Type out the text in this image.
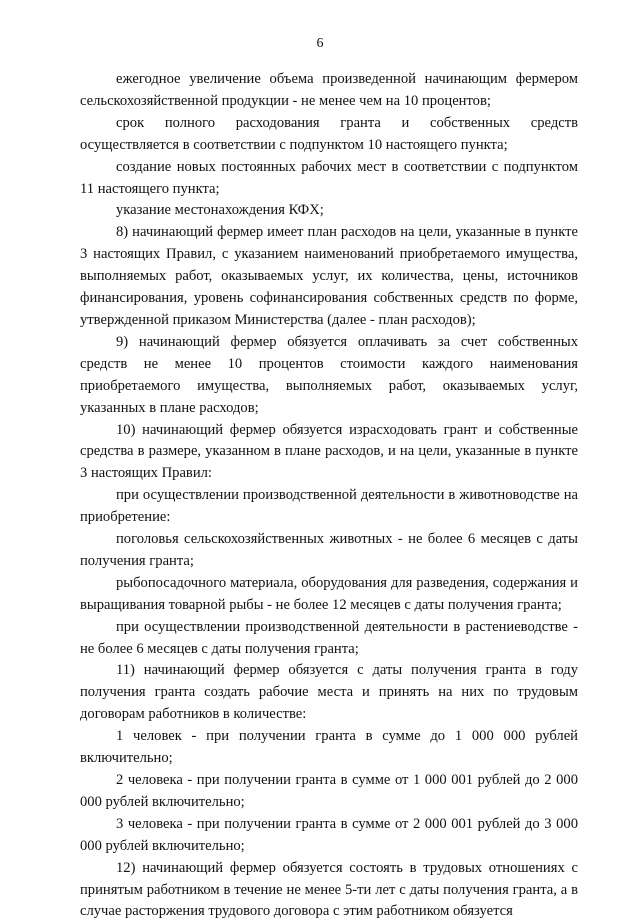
6

ежегодное увеличение объема произведенной начинающим фермером сельскохозяйственной продукции - не менее чем на 10 процентов;

срок полного расходования гранта и собственных средств осуществляется в соответствии с подпунктом 10 настоящего пункта;

создание новых постоянных рабочих мест в соответствии с подпунктом 11 настоящего пункта;

указание местонахождения КФХ;

8) начинающий фермер имеет план расходов на цели, указанные в пункте 3 настоящих Правил, с указанием наименований приобретаемого имущества, выполняемых работ, оказываемых услуг, их количества, цены, источников финансирования, уровень софинансирования собственных средств по форме, утвержденной приказом Министерства (далее - план расходов);

9) начинающий фермер обязуется оплачивать за счет собственных средств не менее 10 процентов стоимости каждого наименования приобретаемого имущества, выполняемых работ, оказываемых услуг, указанных в плане расходов;

10) начинающий фермер обязуется израсходовать грант и собственные средства в размере, указанном в плане расходов, и на цели, указанные в пункте 3 настоящих Правил:

при осуществлении производственной деятельности в животноводстве на приобретение:

поголовья сельскохозяйственных животных - не более 6 месяцев с даты получения гранта;

рыбопосадочного материала, оборудования для разведения, содержания и выращивания товарной рыбы - не более 12 месяцев с даты получения гранта;

при осуществлении производственной деятельности в растениеводстве - не более 6 месяцев с даты получения гранта;

11) начинающий фермер обязуется с даты получения гранта в году получения гранта создать рабочие места и принять на них по трудовым договорам работников в количестве:

1 человек - при получении гранта в сумме до 1 000 000 рублей включительно;

2 человека - при получении гранта в сумме от 1 000 001 рублей до 2 000 000 рублей включительно;

3 человека - при получении гранта в сумме от 2 000 001 рублей до 3 000 000 рублей включительно;

12) начинающий фермер обязуется состоять в трудовых отношениях с принятым работником в течение не менее 5-ти лет с даты получения гранта, а в случае расторжения трудового договора с этим работником обязуется
